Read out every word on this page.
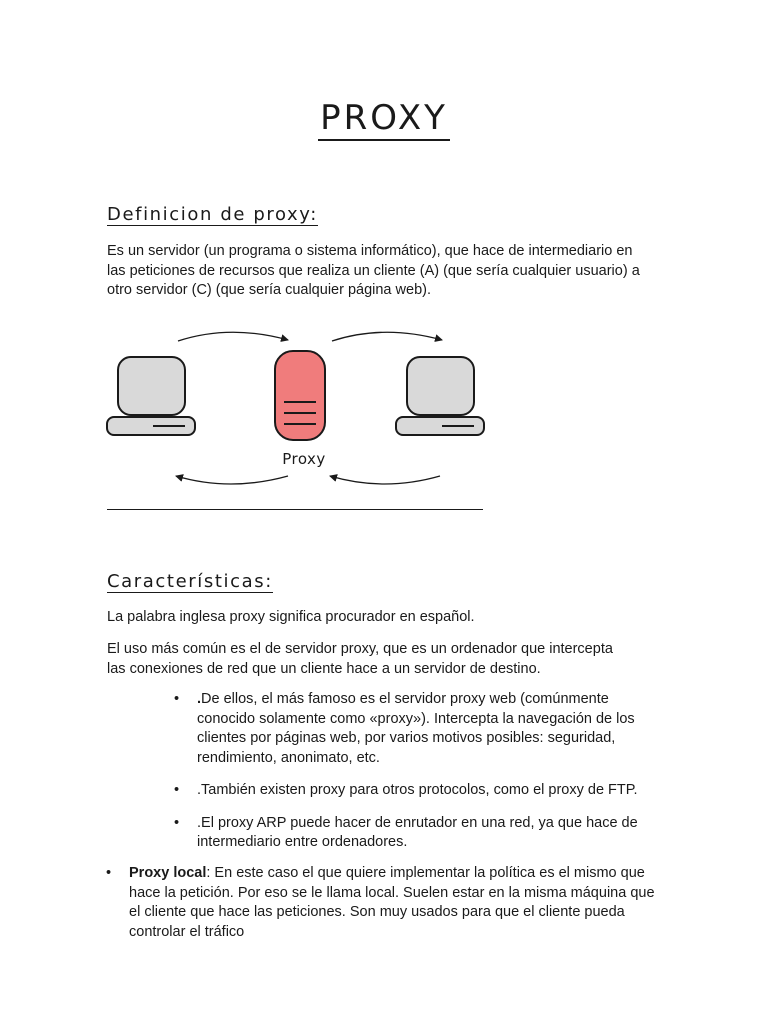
PROXY
Definicion de proxy:

Es un servidor (un programa o sistema informático), que hace de intermediario en las peticiones de recursos que realiza un cliente (A) (que sería cualquier usuario) a otro servidor (C) (que sería cualquier página web).

Proxy
Características:

La palabra inglesa proxy significa procurador en español.

El uso más común es el de servidor proxy, que es un ordenador que intercepta las conexiones de red que un cliente hace a un servidor de destino.

• .De ellos, el más famoso es el servidor proxy web (comúnmente conocido solamente como «proxy»). Intercepta la navegación de los clientes por páginas web, por varios motivos posibles: seguridad, rendimiento, anonimato, etc.
• .También existen proxy para otros protocolos, como el proxy de FTP.
• .El proxy ARP puede hacer de enrutador en una red, ya que hace de intermediario entre ordenadores.
• Proxy local: En este caso el que quiere implementar la política es el mismo que hace la petición. Por eso se le llama local. Suelen estar en la misma máquina que el cliente que hace las peticiones. Son muy usados para que el cliente pueda controlar el tráfico
